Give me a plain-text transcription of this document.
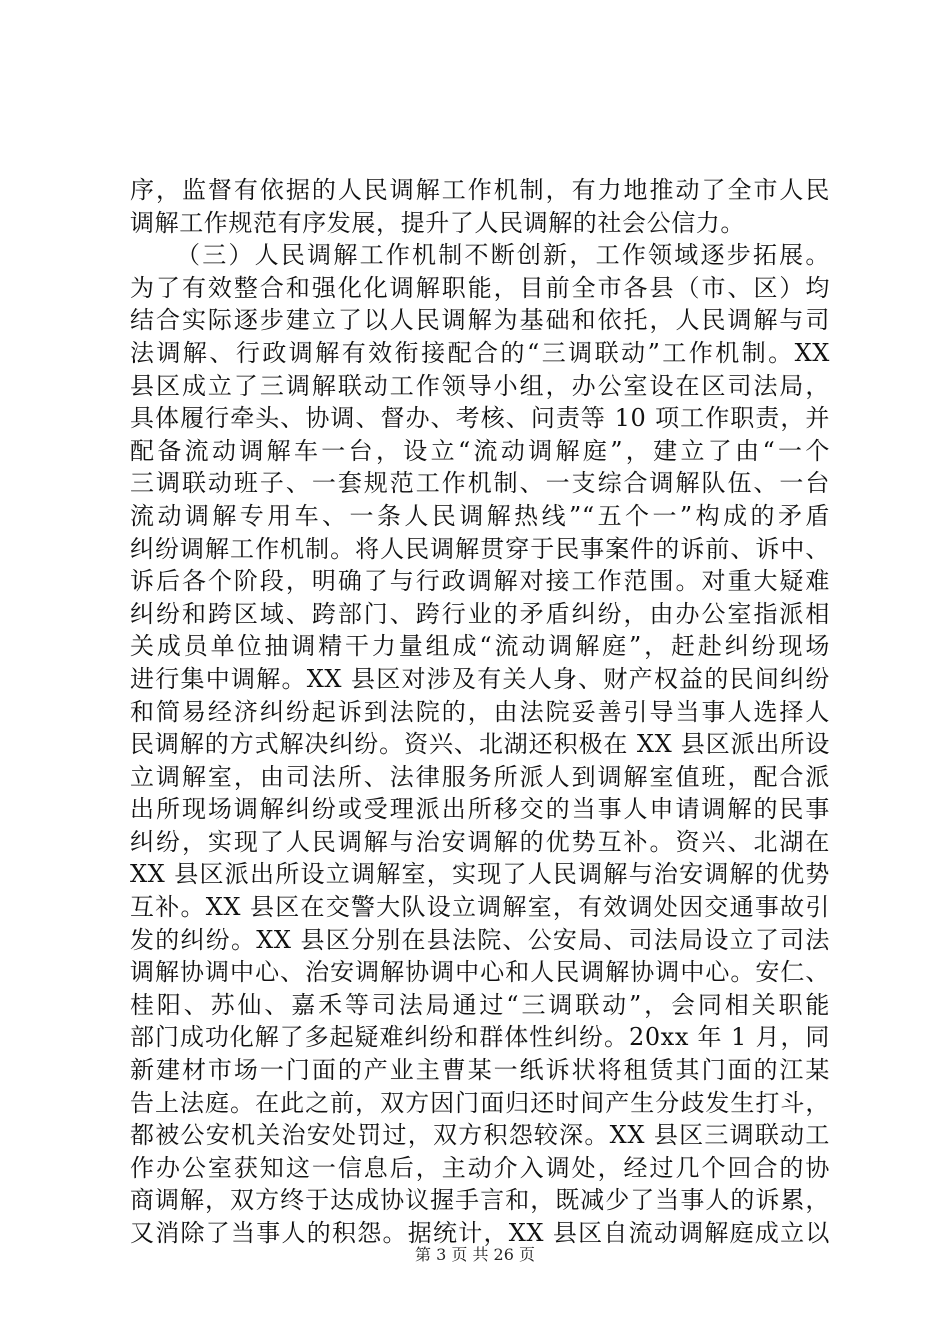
序，监督有依据的人民调解工作机制，有力地推动了全市人民
调解工作规范有序发展，提升了人民调解的社会公信力。
（三）人民调解工作机制不断创新，工作领域逐步拓展。
为了有效整合和强化化调解职能，目前全市各县（市、区）均
结合实际逐步建立了以人民调解为基础和依托，人民调解与司
法调解、行政调解有效衔接配合的“三调联动”工作机制。XX
县区成立了三调解联动工作领导小组，办公室设在区司法局，
具体履行牵头、协调、督办、考核、问责等 10 项工作职责，并
配备流动调解车一台，设立“流动调解庭”，建立了由“一个
三调联动班子、一套规范工作机制、一支综合调解队伍、一台
流动调解专用车、一条人民调解热线”“五个一”构成的矛盾
纠纷调解工作机制。将人民调解贯穿于民事案件的诉前、诉中、
诉后各个阶段，明确了与行政调解对接工作范围。对重大疑难
纠纷和跨区域、跨部门、跨行业的矛盾纠纷，由办公室指派相
关成员单位抽调精干力量组成“流动调解庭”，赶赴纠纷现场
进行集中调解。XX 县区对涉及有关人身、财产权益的民间纠纷
和简易经济纠纷起诉到法院的，由法院妥善引导当事人选择人
民调解的方式解决纠纷。资兴、北湖还积极在 XX 县区派出所设
立调解室，由司法所、法律服务所派人到调解室值班，配合派
出所现场调解纠纷或受理派出所移交的当事人申请调解的民事
纠纷，实现了人民调解与治安调解的优势互补。资兴、北湖在
XX 县区派出所设立调解室，实现了人民调解与治安调解的优势
互补。XX 县区在交警大队设立调解室，有效调处因交通事故引
发的纠纷。XX 县区分别在县法院、公安局、司法局设立了司法
调解协调中心、治安调解协调中心和人民调解协调中心。安仁、
桂阳、苏仙、嘉禾等司法局通过“三调联动”，会同相关职能
部门成功化解了多起疑难纠纷和群体性纠纷。20xx 年 1 月，同
新建材市场一门面的产业主曹某一纸诉状将租赁其门面的江某
告上法庭。在此之前，双方因门面归还时间产生分歧发生打斗，
都被公安机关治安处罚过，双方积怨较深。XX 县区三调联动工
作办公室获知这一信息后，主动介入调处，经过几个回合的协
商调解，双方终于达成协议握手言和，既减少了当事人的诉累，
又消除了当事人的积怨。据统计，XX 县区自流动调解庭成立以
第 3 页 共 26 页
